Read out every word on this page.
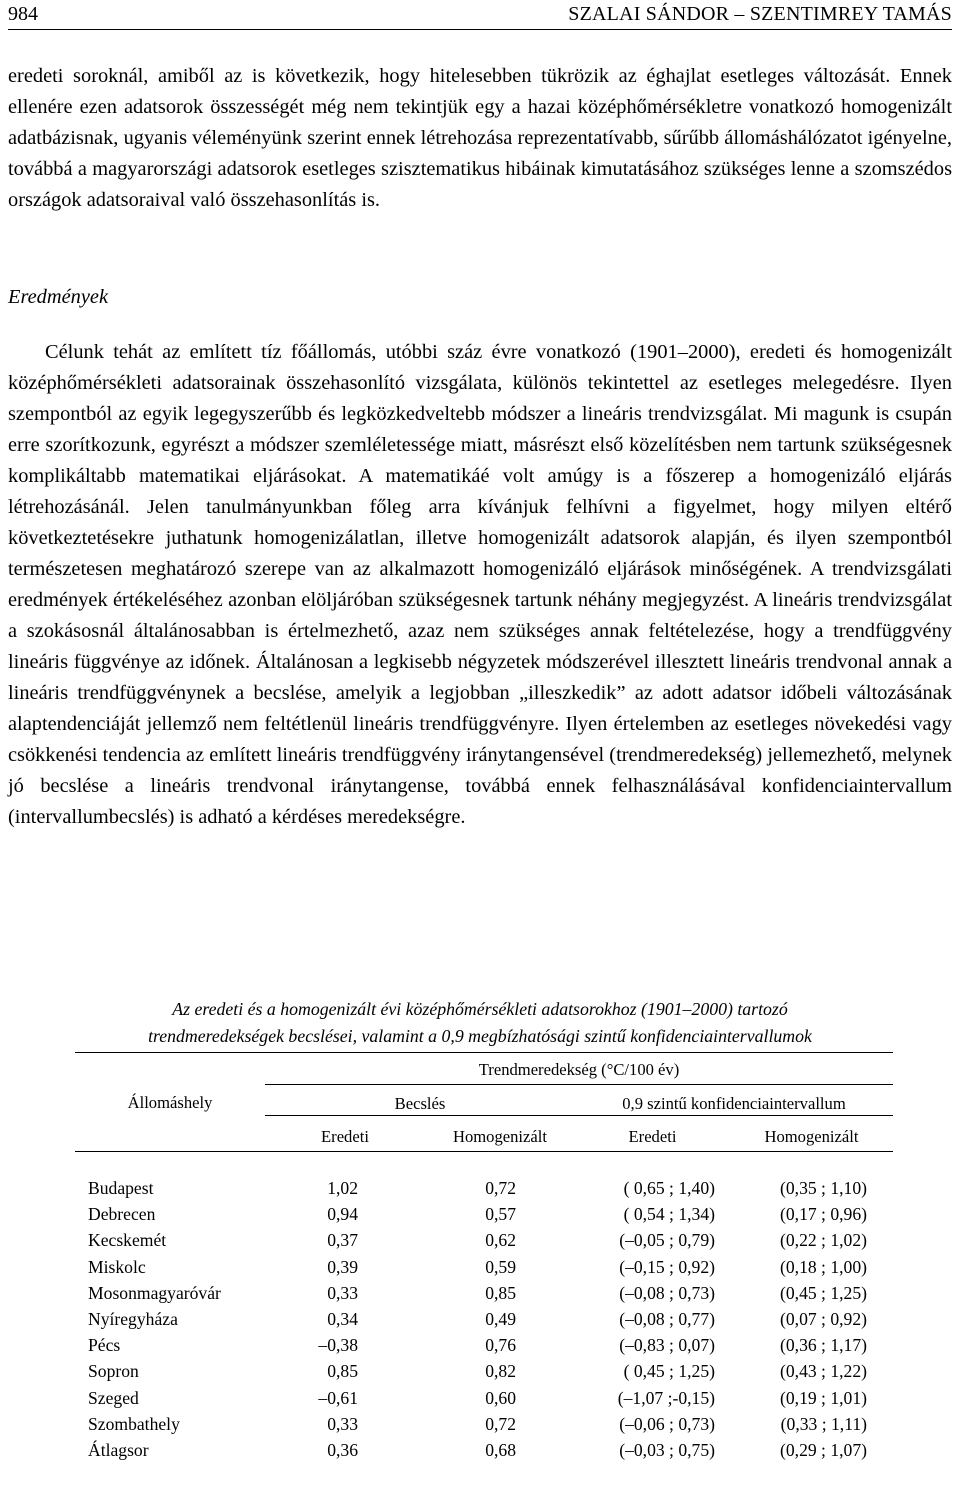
984	SZALAI SÁNDOR – SZENTIMREY TAMÁS

eredeti soroknál, amiből az is következik, hogy hitelesebben tükrözik az éghajlat esetleges változását. Ennek ellenére ezen adatsorok összességét még nem tekintjük egy a hazai középhőmérsékletre vonatkozó homogenizált adatbázisnak, ugyanis véleményünk szerint ennek létrehozása reprezentatívabb, sűrűbb állomáshálózatot igényelne, továbbá a magyarországi adatsorok esetleges szisztematikus hibáinak kimutatásához szükséges lenne a szomszédos országok adatsoraival való összehasonlítás is.

Eredmények

Célunk tehát az említett tíz főállomás, utóbbi száz évre vonatkozó (1901–2000), eredeti és homogenizált középhőmérsékleti adatsorainak összehasonlító vizsgálata, különös tekintettel az esetleges melegedésre. Ilyen szempontból az egyik legegyszerűbb és legközkedveltebb módszer a lineáris trendvizsgálat. Mi magunk is csupán erre szorítkozunk, egyrészt a módszer szemléletessége miatt, másrészt első közelítésben nem tartunk szükségesnek komplikáltabb matematikai eljárásokat. A matematikáé volt amúgy is a főszerep a homogenizáló eljárás létrehozásánál. Jelen tanulmányunkban főleg arra kívánjuk felhívni a figyelmet, hogy milyen eltérő következtetésekre juthatunk homogenizálatlan, illetve homogenizált adatsorok alapján, és ilyen szempontból természetesen meghatározó szerepe van az alkalmazott homogenizáló eljárások minőségének. A trendvizsgálati eredmények értékeléséhez azonban elöljáróban szükségesnek tartunk néhány megjegyzést. A lineáris trendvizsgálat a szokásosnál általánosabban is értelmezhető, azaz nem szükséges annak feltételezése, hogy a trendfüggvény lineáris függvénye az időnek. Általánosan a legkisebb négyzetek módszerével illesztett lineáris trendvonal annak a lineáris trendfüggvénynek a becslése, amelyik a legjobban „illeszkedik” az adott adatsor időbeli változásának alaptendenciáját jellemző nem feltétlenül lineáris trendfüggvényre. Ilyen értelemben az esetleges növekedési vagy csökkenési tendencia az említett lineáris trendfüggvény iránytangensével (trendmeredekség) jellemezhető, melynek jó becslése a lineáris trendvonal iránytangense, továbbá ennek felhasználásával konfidenciaintervallum (intervallumbecslés) is adható a kérdéses meredekségre.

Az eredeti és a homogenizált évi középhőmérsékleti adatsorokhoz (1901–2000) tartozó
trendmeredekségek becslései, valamint a 0,9 megbízhatósági szintű konfidenciaintervallumok
Állomáshely
Trendmeredekség (°C/100 év)
Becslés	0,9 szintű konfidenciaintervallum
Eredeti	Homogenizált	Eredeti	Homogenizált
Budapest	1,02	0,72	( 0,65 ; 1,40)	(0,35 ; 1,10)
Debrecen	0,94	0,57	( 0,54 ; 1,34)	(0,17 ; 0,96)
Kecskemét	0,37	0,62	(–0,05 ; 0,79)	(0,22 ; 1,02)
Miskolc	0,39	0,59	(–0,15 ; 0,92)	(0,18 ; 1,00)
Mosonmagyaróvár	0,33	0,85	(–0,08 ; 0,73)	(0,45 ; 1,25)
Nyíregyháza	0,34	0,49	(–0,08 ; 0,77)	(0,07 ; 0,92)
Pécs	–0,38	0,76	(–0,83 ; 0,07)	(0,36 ; 1,17)
Sopron	0,85	0,82	( 0,45 ; 1,25)	(0,43 ; 1,22)
Szeged	–0,61	0,60	(–1,07 ;-0,15)	(0,19 ; 1,01)
Szombathely	0,33	0,72	(–0,06 ; 0,73)	(0,33 ; 1,11)
Átlagsor	0,36	0,68	(–0,03 ; 0,75)	(0,29 ; 1,07)
